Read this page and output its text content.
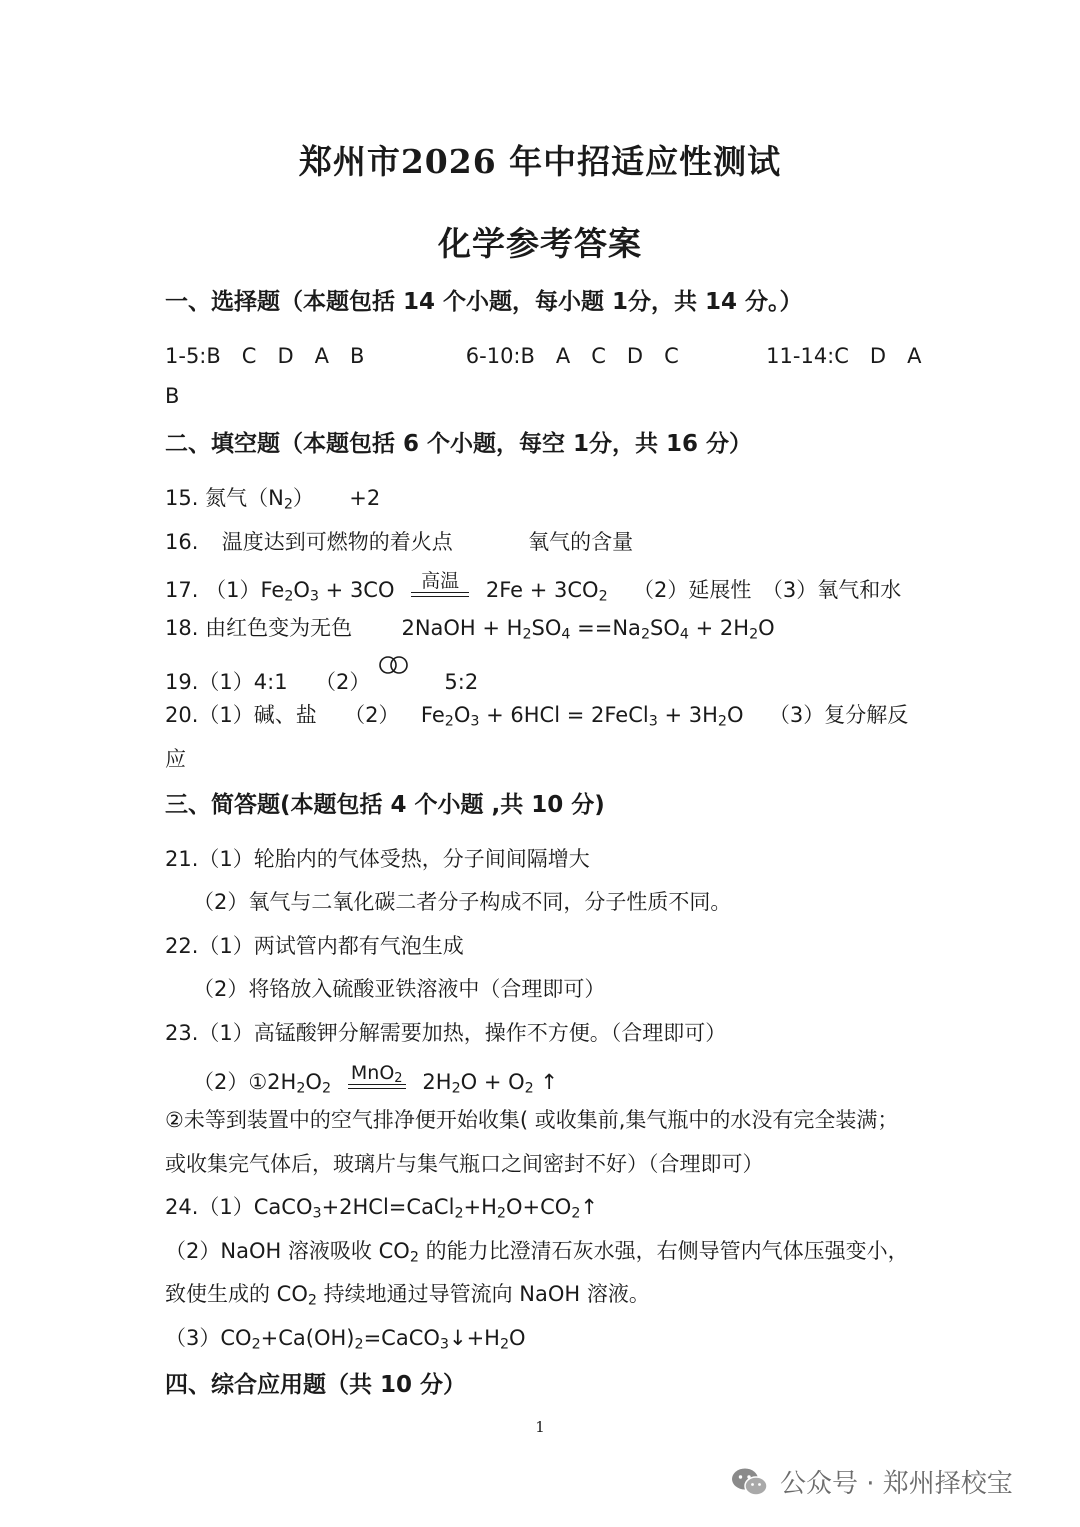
郑州市2026 年中招适应性测试
化学参考答案
一、选择题（本题包括 14 个小题，每小题 1分，共 14 分。）
1-5:B　C　D　A　B	6-10:B　A　C　D　C	11-14:C　D　A
B
二、填空题（本题包括 6 个小题，每空 1分，共 16 分）
15. 氮气$(N_2) +2$
16. 温度达到可燃物的着火点	氧气的含量
17. $(1)Fe_2O_3 + 3CO$	高温	$2Fe + 3CO_2$ （2）延展性　（3）氧气和水
18. 由红色变为无色 2NaOH + $H_2SO_4 ==Na_2SO_4 + 2H_2O$
19.（1）4:1 （2）	5:2
20.（1）碱、盐 （2） $Fe_2O_3 + 6HCl$ = 2FeCl$_3$ + $3H_2O$ （3）复分解反
应
三、简答题(本题包括 4 个小题 ,共 10 分)
21.（1）轮胎内的气体受热，分子间间隔增大
（2）氧气与二氧化碳二者分子构成不同，分子性质不同。
22.（1）两试管内都有气泡生成
（2）将铬放入硫酸亚铁溶液中（合理即可）
23.（1）高锰酸钾分解需要加热，操作不方便。（合理即可）
$(2)①2H_2O_2$
MnO$_2$ $2H_2O + O_2$ ↑
②未等到装置中的空气排净便开始收集( 或收集前,集气瓶中的水没有完全装满；
或收集完气体后，玻璃片与集气瓶口之间密封不好）（合理即可）
$24.(1)CaCO_3+2HCl=CaCl_2+H_2O+CO_2↑$
（2）NaOH 溶液吸收 $CO_2$ 的能力比澄清石灰水强，右侧导管内气体压强变小，
致使生成的 $CO_2$ 持续地通过导管流向 NaOH 溶液。
$(3)CO_2+Ca(OH)_2=CaCO_3↓+H_2O$
四、综合应用题（共 10 分）
1
公众号 · 郑州择校宝
